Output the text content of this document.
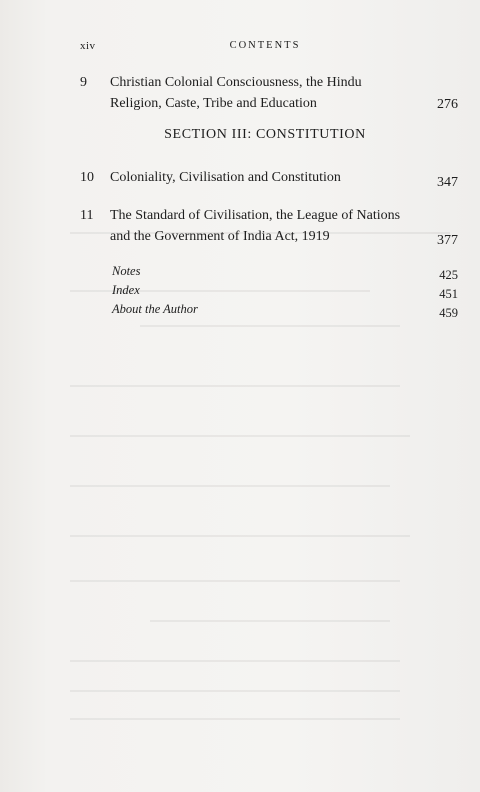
xiv	CONTENTS
9	Christian Colonial Consciousness, the Hindu
Religion, Caste, Tribe and Education	276
SECTION III: CONSTITUTION
10	Coloniality, Civilisation and Constitution	347
11	The Standard of Civilisation, the League of Nations
and the Government of India Act, 1919	377
Notes	425
Index	451
About the Author	459
